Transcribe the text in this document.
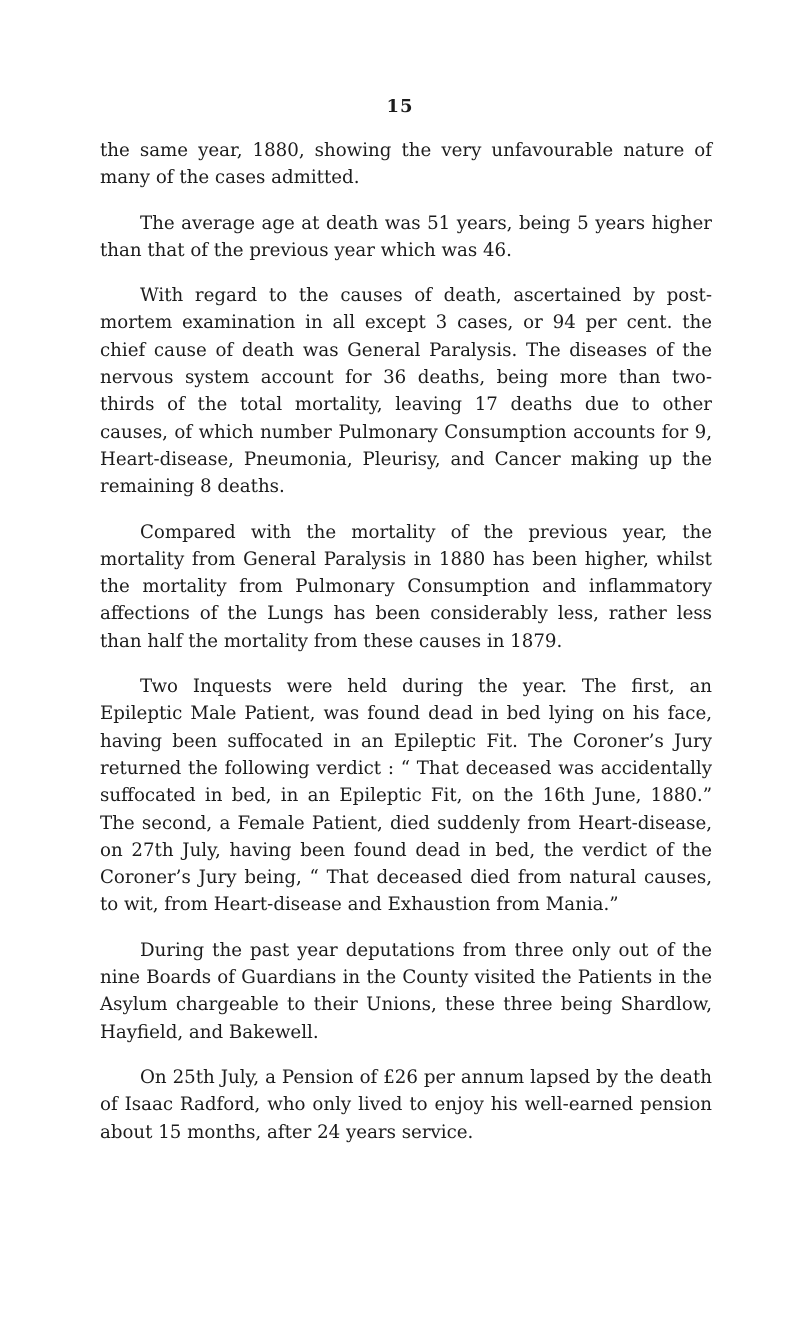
15

the same year, 1880, showing the very unfavourable nature of many of the cases admitted.

The average age at death was 51 years, being 5 years higher than that of the previous year which was 46.

With regard to the causes of death, ascertained by post-mortem examination in all except 3 cases, or 94 per cent. the chief cause of death was General Paralysis. The diseases of the nervous system account for 36 deaths, being more than two-thirds of the total mortality, leaving 17 deaths due to other causes, of which number Pulmonary Consumption accounts for 9, Heart-disease, Pneumonia, Pleurisy, and Cancer making up the remaining 8 deaths.

Compared with the mortality of the previous year, the mortality from General Paralysis in 1880 has been higher, whilst the mortality from Pulmonary Consumption and inflammatory affections of the Lungs has been considerably less, rather less than half the mortality from these causes in 1879.

Two Inquests were held during the year. The first, an Epileptic Male Patient, was found dead in bed lying on his face, having been suffocated in an Epileptic Fit. The Coroner’s Jury returned the following verdict : “ That deceased was accidentally suffocated in bed, in an Epileptic Fit, on the 16th June, 1880.” The second, a Female Patient, died suddenly from Heart-disease, on 27th July, having been found dead in bed, the verdict of the Coroner’s Jury being, “ That deceased died from natural causes, to wit, from Heart-disease and Exhaustion from Mania.”

During the past year deputations from three only out of the nine Boards of Guardians in the County visited the Patients in the Asylum chargeable to their Unions, these three being Shardlow, Hayfield, and Bakewell.

On 25th July, a Pension of £26 per annum lapsed by the death of Isaac Radford, who only lived to enjoy his well-earned pension about 15 months, after 24 years service.
